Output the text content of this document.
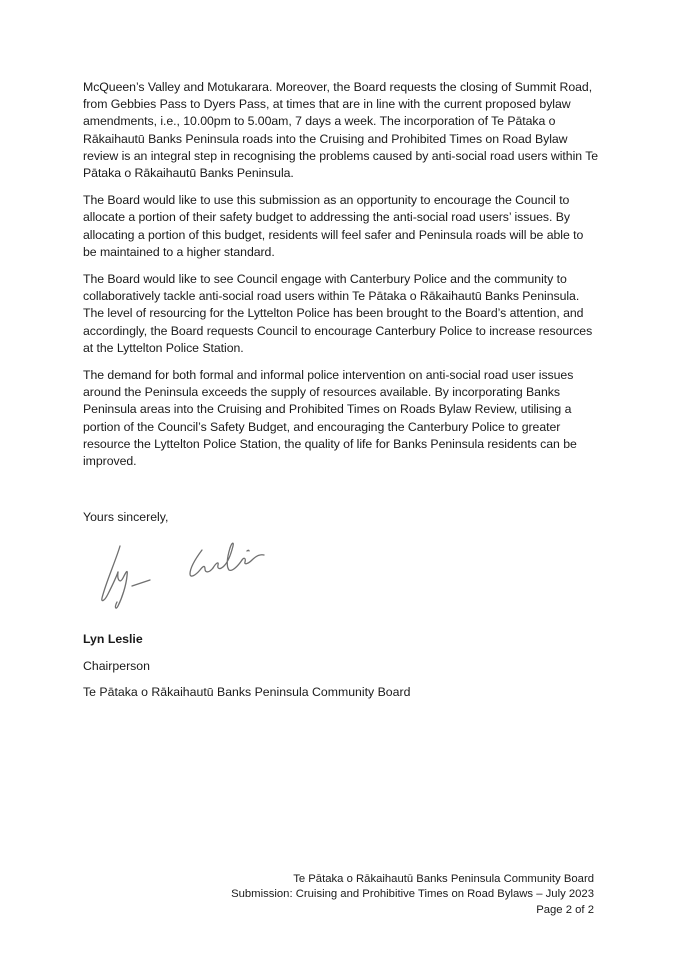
McQueen’s Valley and Motukarara. Moreover, the Board requests the closing of Summit Road, from Gebbies Pass to Dyers Pass, at times that are in line with the current proposed bylaw amendments, i.e., 10.00pm to 5.00am, 7 days a week. The incorporation of Te Pātaka o Rākaihautū Banks Peninsula roads into the Cruising and Prohibited Times on Road Bylaw review is an integral step in recognising the problems caused by anti-social road users within Te Pātaka o Rākaihautū Banks Peninsula.

The Board would like to use this submission as an opportunity to encourage the Council to allocate a portion of their safety budget to addressing the anti-social road users’ issues. By allocating a portion of this budget, residents will feel safer and Peninsula roads will be able to be maintained to a higher standard.

The Board would like to see Council engage with Canterbury Police and the community to collaboratively tackle anti-social road users within Te Pātaka o Rākaihautū Banks Peninsula. The level of resourcing for the Lyttelton Police has been brought to the Board’s attention, and accordingly, the Board requests Council to encourage Canterbury Police to increase resources at the Lyttelton Police Station.

The demand for both formal and informal police intervention on anti-social road user issues around the Peninsula exceeds the supply of resources available. By incorporating Banks Peninsula areas into the Cruising and Prohibited Times on Roads Bylaw Review, utilising a portion of the Council’s Safety Budget, and encouraging the Canterbury Police to greater resource the Lyttelton Police Station, the quality of life for Banks Peninsula residents can be improved.

Yours sincerely,
Lyn Leslie
Chairperson
Te Pātaka o Rākaihautū Banks Peninsula Community Board
Te Pātaka o Rākaihautū Banks Peninsula Community Board
Submission: Cruising and Prohibitive Times on Road Bylaws – July 2023
Page 2 of 2
